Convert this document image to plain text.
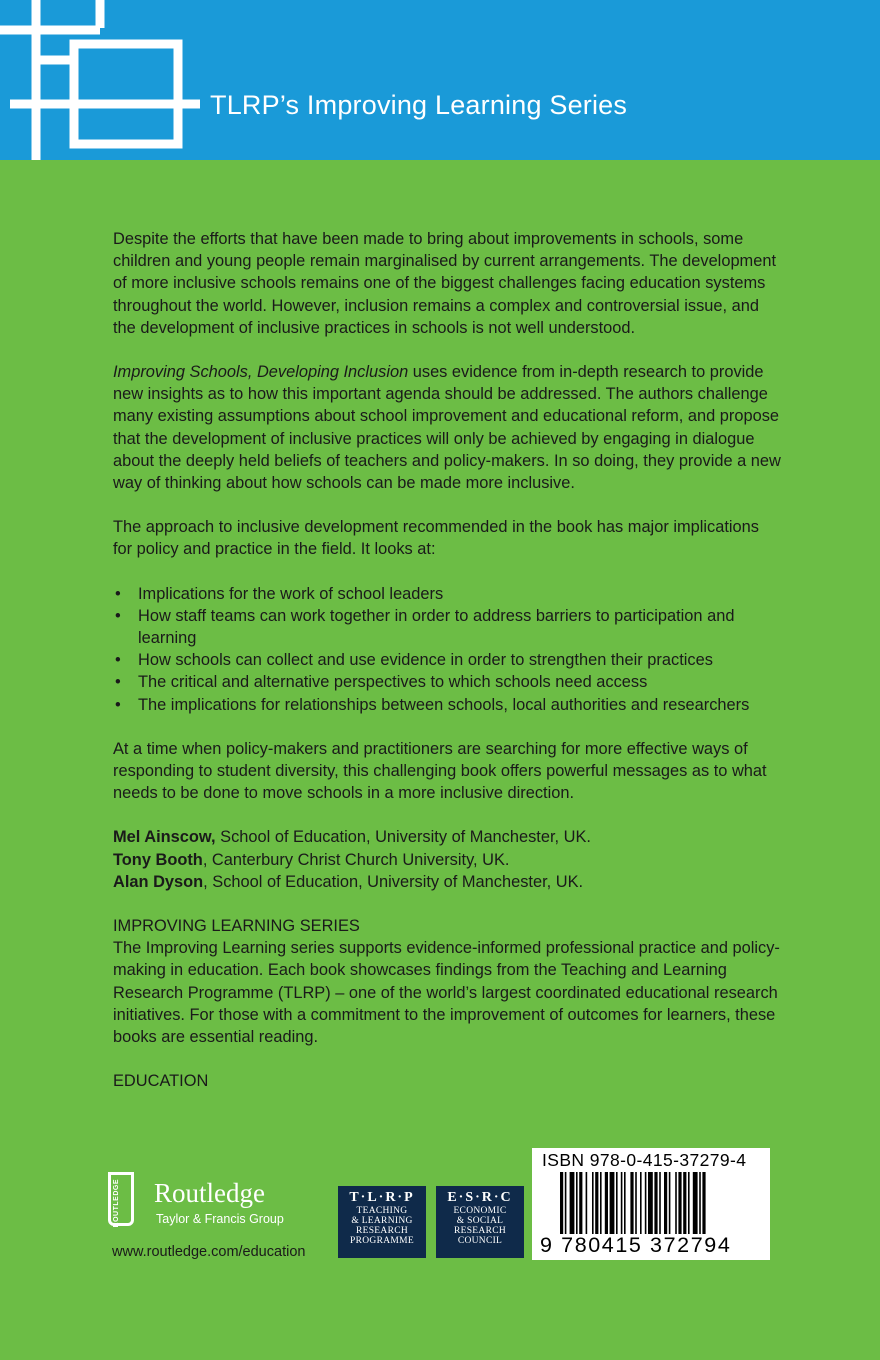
TLRP’s Improving Learning Series

Despite the efforts that have been made to bring about improvements in schools, some children and young people remain marginalised by current arrangements. The development of more inclusive schools remains one of the biggest challenges facing education systems throughout the world. However, inclusion remains a complex and controversial issue, and the development of inclusive practices in schools is not well understood.

Improving Schools, Developing Inclusion uses evidence from in-depth research to provide new insights as to how this important agenda should be addressed. The authors challenge many existing assumptions about school improvement and educational reform, and propose that the development of inclusive practices will only be achieved by engaging in dialogue about the deeply held beliefs of teachers and policy-makers. In so doing, they provide a new way of thinking about how schools can be made more inclusive.

The approach to inclusive development recommended in the book has major implications for policy and practice in the field. It looks at:

• Implications for the work of school leaders
• How staff teams can work together in order to address barriers to participation and learning
• How schools can collect and use evidence in order to strengthen their practices
• The critical and alternative perspectives to which schools need access
• The implications for relationships between schools, local authorities and researchers

At a time when policy-makers and practitioners are searching for more effective ways of responding to student diversity, this challenging book offers powerful messages as to what needs to be done to move schools in a more inclusive direction.

Mel Ainscow, School of Education, University of Manchester, UK.
Tony Booth, Canterbury Christ Church University, UK.
Alan Dyson, School of Education, University of Manchester, UK.

IMPROVING LEARNING SERIES
The Improving Learning series supports evidence-informed professional practice and policy-making in education. Each book showcases findings from the Teaching and Learning Research Programme (TLRP) – one of the world’s largest coordinated educational research initiatives. For those with a commitment to the improvement of outcomes for learners, these books are essential reading.

EDUCATION

ROUTLEDGE Routledge
Taylor & Francis Group
www.routledge.com/education
T·L·R·P
TEACHING
& LEARNING
RESEARCH
PROGRAMME
E·S·R·C
ECONOMIC
& SOCIAL
RESEARCH
COUNCIL
ISBN 978-0-415-37279-4
9 780415 372794
